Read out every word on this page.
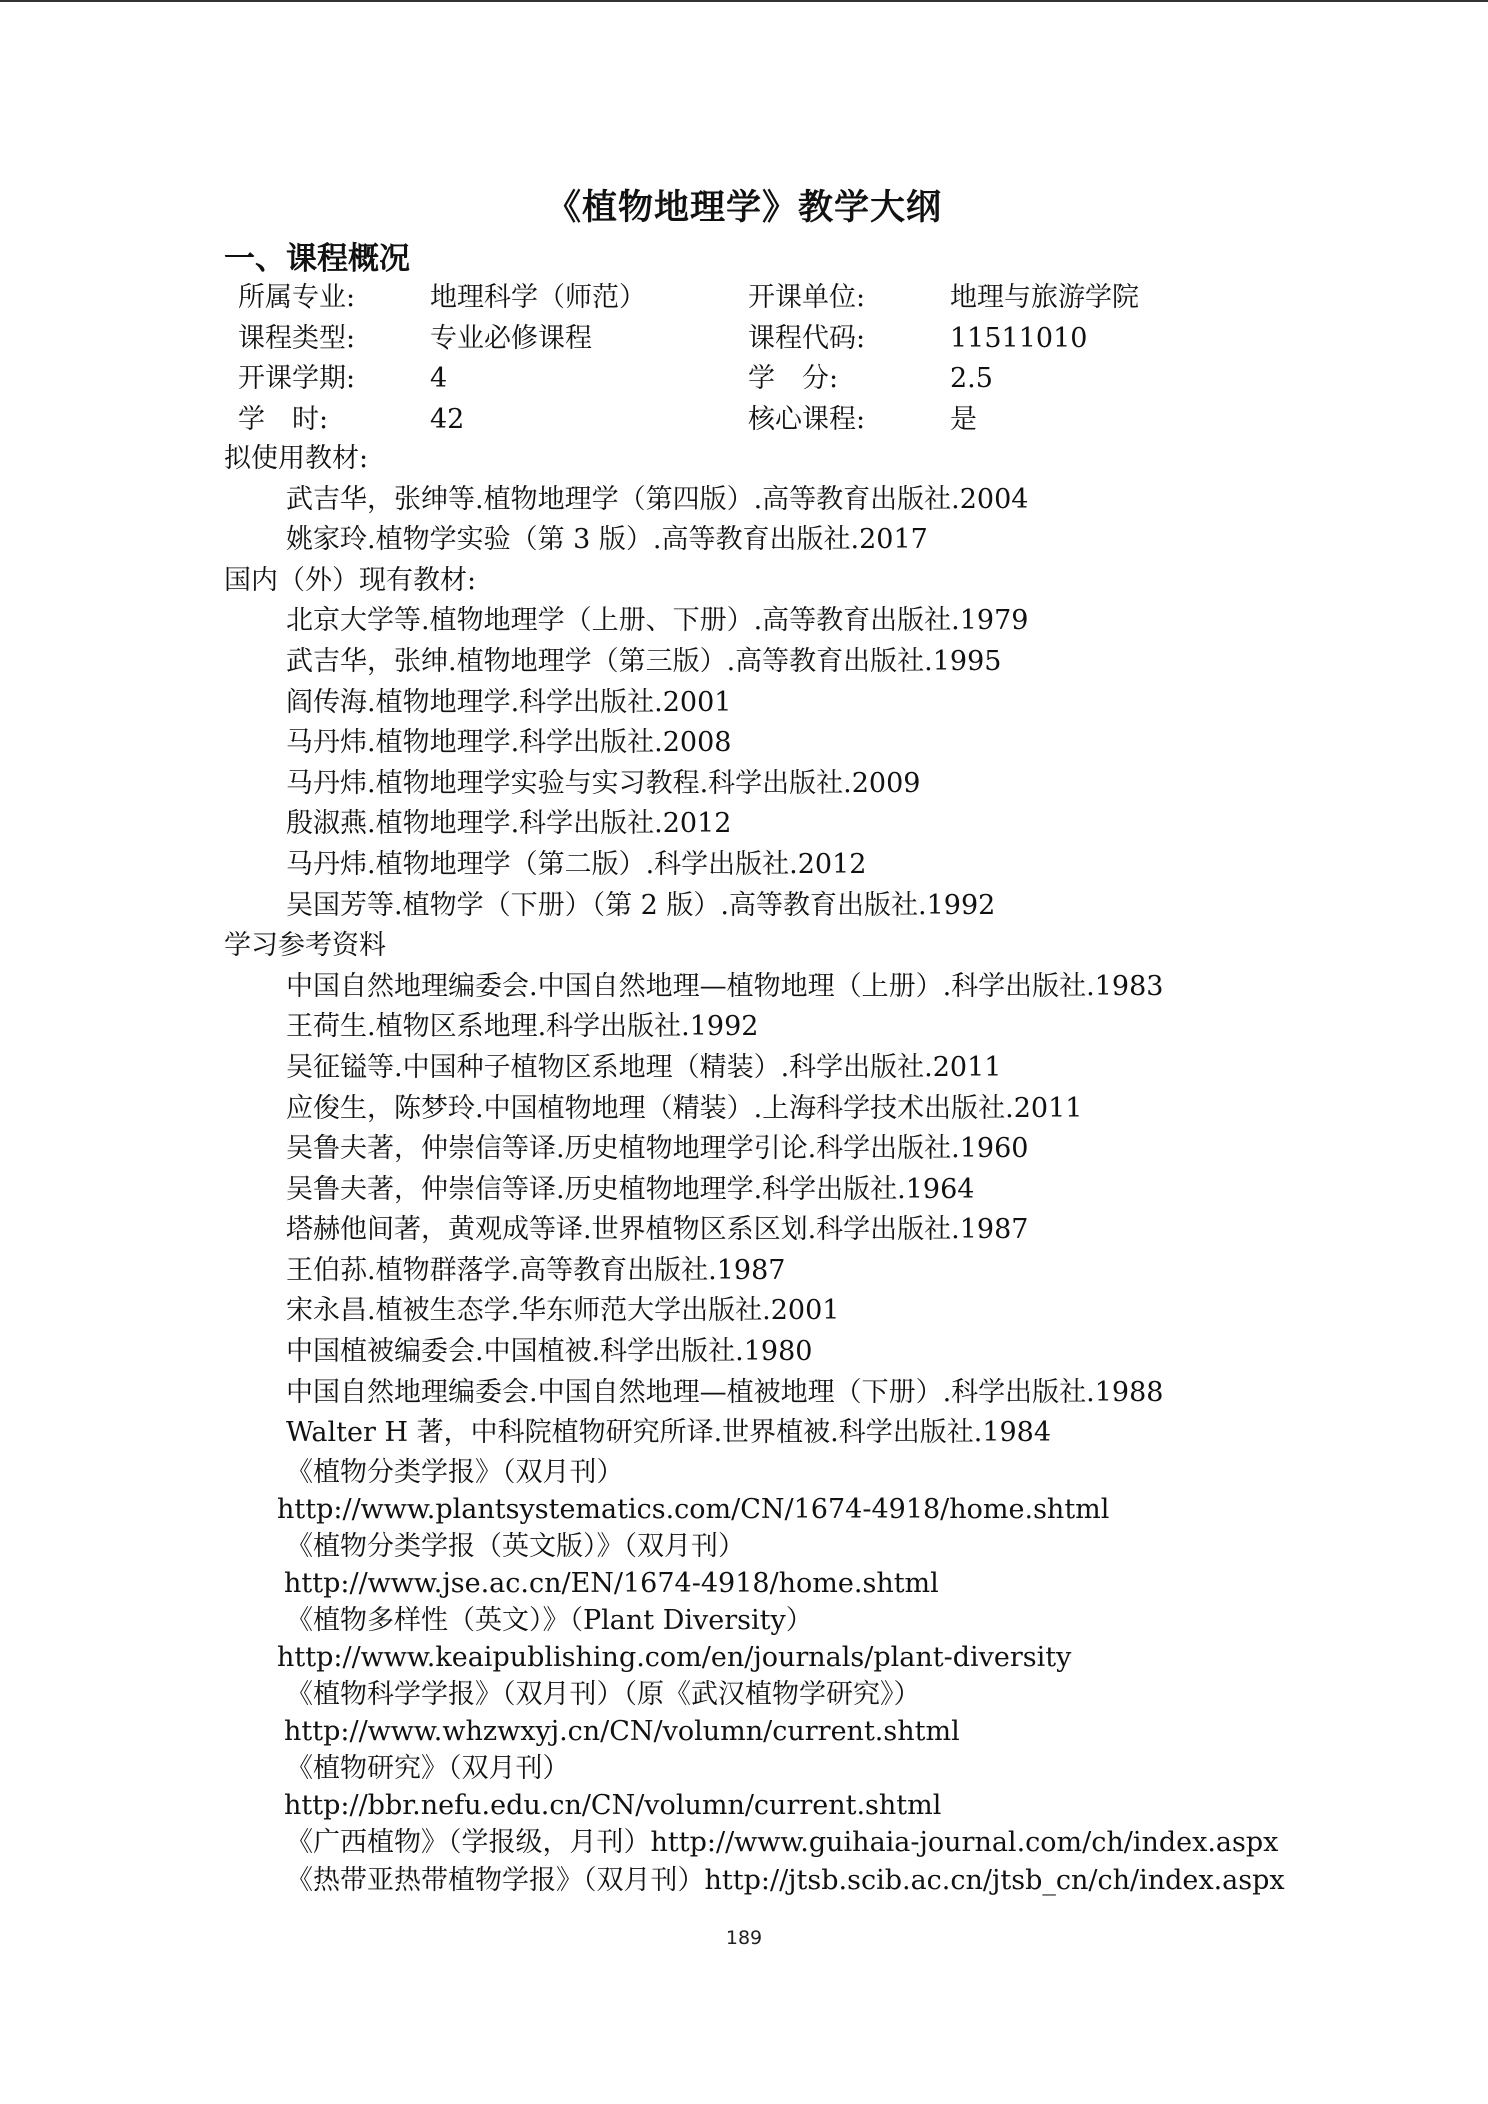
《植物地理学》教学大纲
一、课程概况
所属专业:	地理科学（师范）	开课单位:	地理与旅游学院
课程类型:	专业必修课程	课程代码:	11511010
开课学期:	4	学　分:	2.5
学　时:	42	核心课程:	是
拟使用教材:
武吉华，张绅等.植物地理学（第四版）.高等教育出版社.2004
姚家玲.植物学实验（第 3 版）.高等教育出版社.2017
国内（外）现有教材:
北京大学等.植物地理学（上册、下册）.高等教育出版社.1979
武吉华，张绅.植物地理学（第三版）.高等教育出版社.1995
阎传海.植物地理学.科学出版社.2001
马丹炜.植物地理学.科学出版社.2008
马丹炜.植物地理学实验与实习教程.科学出版社.2009
殷淑燕.植物地理学.科学出版社.2012
马丹炜.植物地理学（第二版）.科学出版社.2012
吴国芳等.植物学（下册）（第 2 版）.高等教育出版社.1992
学习参考资料
中国自然地理编委会.中国自然地理—植物地理（上册）.科学出版社.1983
王荷生.植物区系地理.科学出版社.1992
吴征镒等.中国种子植物区系地理（精装）.科学出版社.2011
应俊生，陈梦玲.中国植物地理（精装）.上海科学技术出版社.2011
吴鲁夫著，仲崇信等译.历史植物地理学引论.科学出版社.1960
吴鲁夫著，仲崇信等译.历史植物地理学.科学出版社.1964
塔赫他间著，黄观成等译.世界植物区系区划.科学出版社.1987
王伯荪.植物群落学.高等教育出版社.1987
宋永昌.植被生态学.华东师范大学出版社.2001
中国植被编委会.中国植被.科学出版社.1980
中国自然地理编委会.中国自然地理—植被地理（下册）.科学出版社.1988
Walter H 著，中科院植物研究所译.世界植被.科学出版社.1984
《植物分类学报》（双月刊）
http://www.plantsystematics.com/CN/1674-4918/home.shtml
《植物分类学报（英文版）》（双月刊）
http://www.jse.ac.cn/EN/1674-4918/home.shtml
《植物多样性（英文）》（Plant Diversity）
http://www.keaipublishing.com/en/journals/plant-diversity
《植物科学学报》（双月刊）（原《武汉植物学研究》）
http://www.whzwxyj.cn/CN/volumn/current.shtml
《植物研究》（双月刊）
http://bbr.nefu.edu.cn/CN/volumn/current.shtml
《广西植物》（学报级，月刊）http://www.guihaia-journal.com/ch/index.aspx
《热带亚热带植物学报》（双月刊）http://jtsb.scib.ac.cn/jtsb_cn/ch/index.aspx
189
